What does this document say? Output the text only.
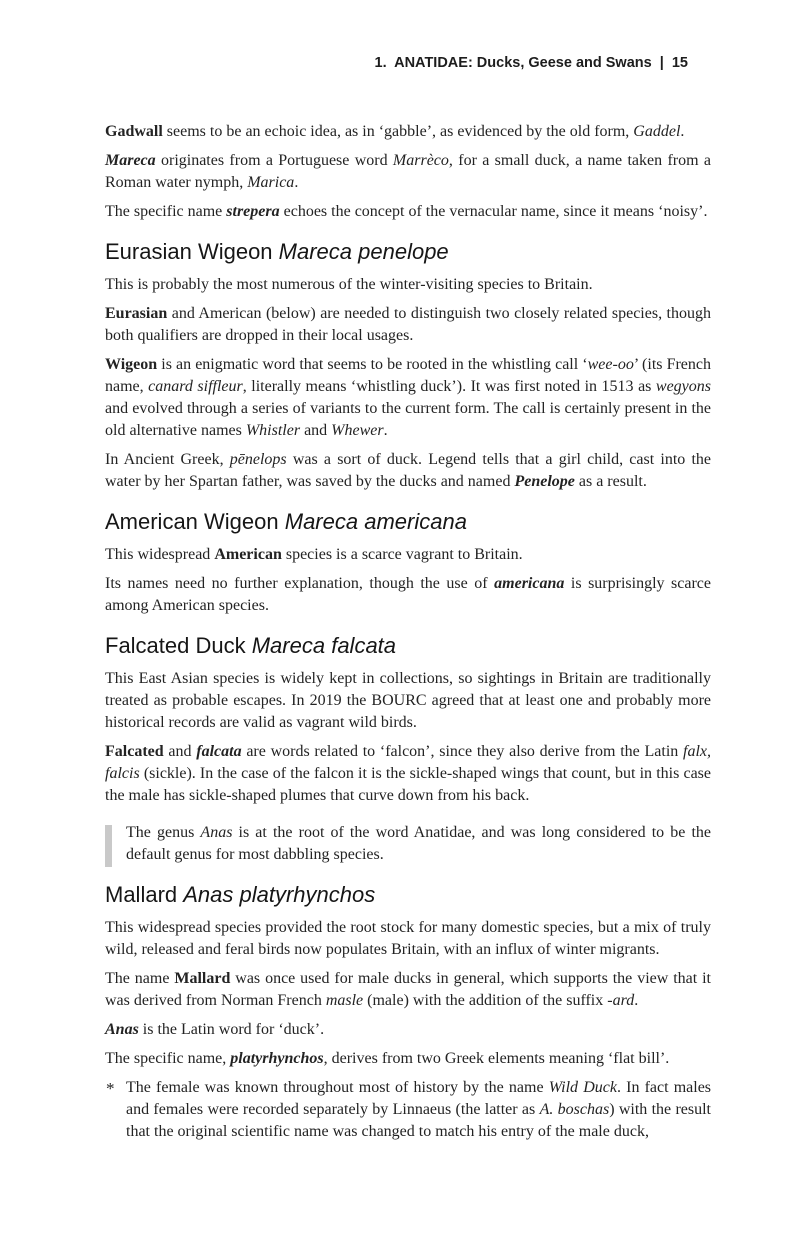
1.  ANATIDAE: Ducks, Geese and Swans  |  15

Gadwall seems to be an echoic idea, as in ‘gabble’, as evidenced by the old form, Gaddel.

Mareca originates from a Portuguese word Marrèco, for a small duck, a name taken from a Roman water nymph, Marica.

The specific name strepera echoes the concept of the vernacular name, since it means ‘noisy’.

Eurasian Wigeon Mareca penelope

This is probably the most numerous of the winter-visiting species to Britain.

Eurasian and American (below) are needed to distinguish two closely related species, though both qualifiers are dropped in their local usages.

Wigeon is an enigmatic word that seems to be rooted in the whistling call ‘wee-oo’ (its French name, canard siffleur, literally means ‘whistling duck’). It was first noted in 1513 as wegyons and evolved through a series of variants to the current form. The call is certainly present in the old alternative names Whistler and Whewer.

In Ancient Greek, pēnelops was a sort of duck. Legend tells that a girl child, cast into the water by her Spartan father, was saved by the ducks and named Penelope as a result.

American Wigeon Mareca americana

This widespread American species is a scarce vagrant to Britain.

Its names need no further explanation, though the use of americana is surprisingly scarce among American species.

Falcated Duck Mareca falcata

This East Asian species is widely kept in collections, so sightings in Britain are traditionally treated as probable escapes. In 2019 the BOURC agreed that at least one and probably more historical records are valid as vagrant wild birds.

Falcated and falcata are words related to ‘falcon’, since they also derive from the Latin falx, falcis (sickle). In the case of the falcon it is the sickle-shaped wings that count, but in this case the male has sickle-shaped plumes that curve down from his back.

The genus Anas is at the root of the word Anatidae, and was long considered to be the default genus for most dabbling species.
Mallard Anas platyrhynchos

This widespread species provided the root stock for many domestic species, but a mix of truly wild, released and feral birds now populates Britain, with an influx of winter migrants.

The name Mallard was once used for male ducks in general, which supports the view that it was derived from Norman French masle (male) with the addition of the suffix -ard.

Anas is the Latin word for ‘duck’.

The specific name, platyrhynchos, derives from two Greek elements meaning ‘flat bill’.

* The female was known throughout most of history by the name Wild Duck. In fact males and females were recorded separately by Linnaeus (the latter as A. boschas) with the result that the original scientific name was changed to match his entry of the male duck,
